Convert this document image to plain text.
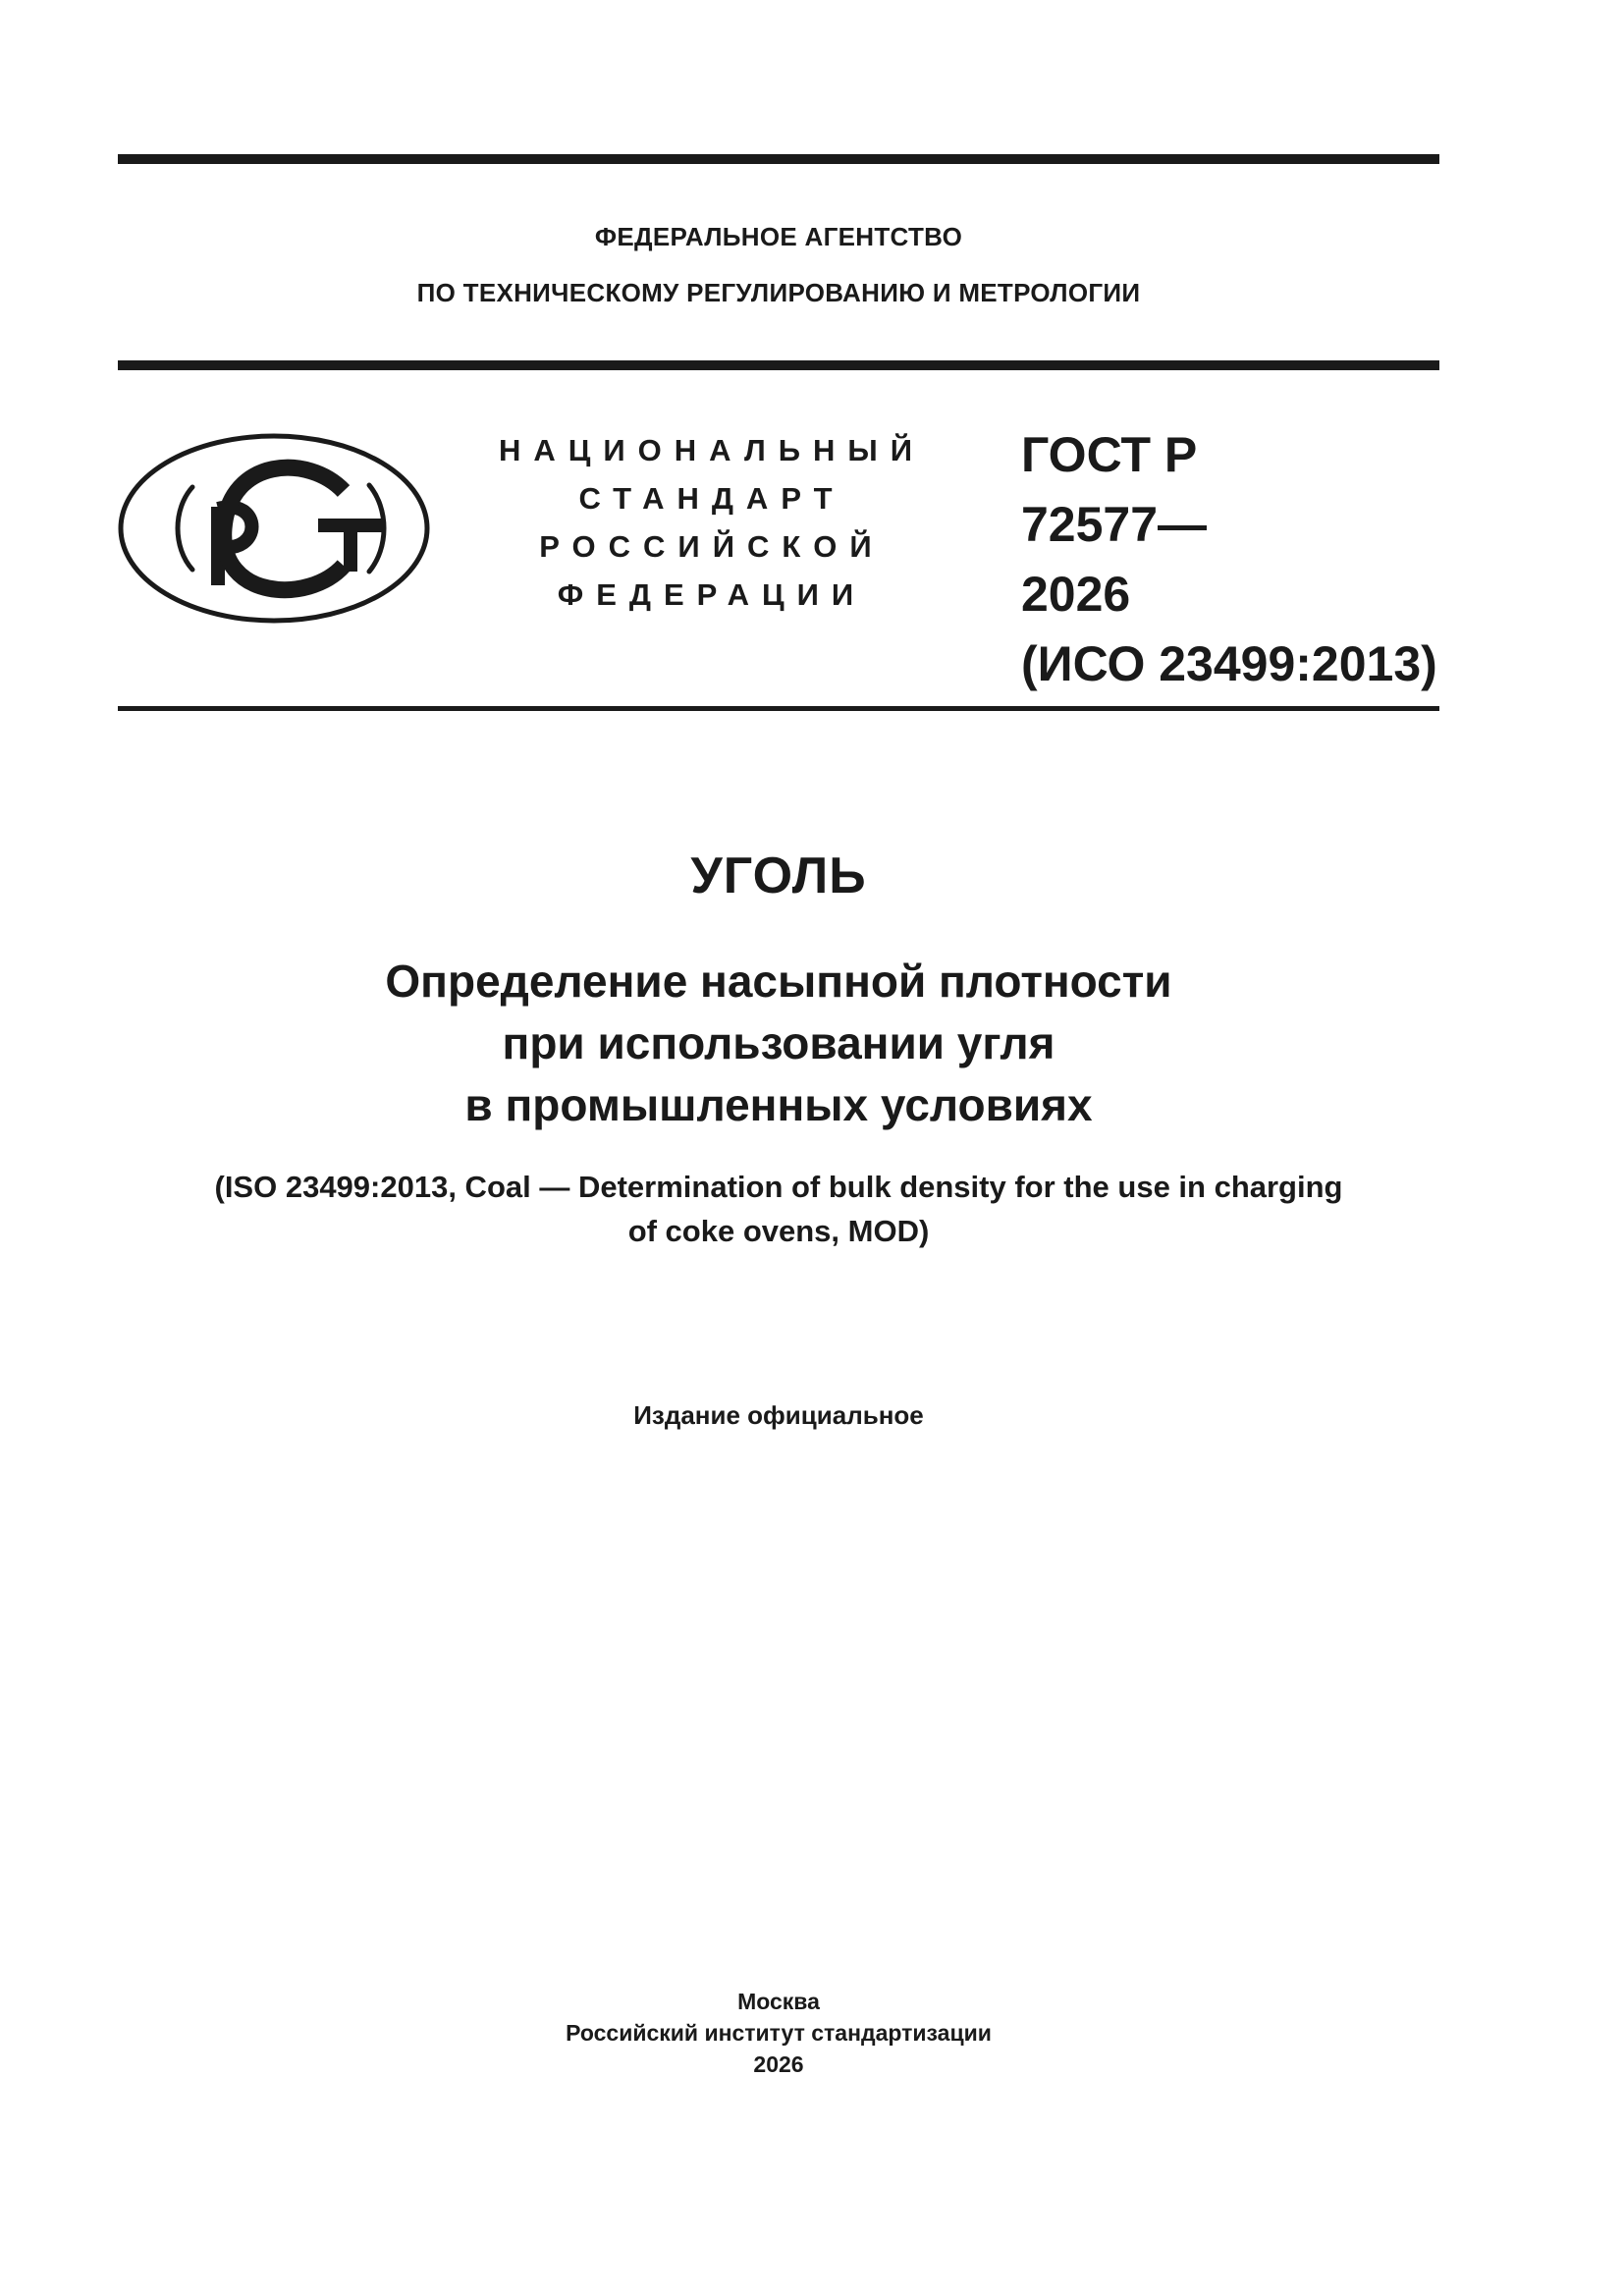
ФЕДЕРАЛЬНОЕ АГЕНТСТВО
ПО ТЕХНИЧЕСКОМУ РЕГУЛИРОВАНИЮ И МЕТРОЛОГИИ
НАЦИОНАЛЬНЫЙ
СТАНДАРТ
РОССИЙСКОЙ
ФЕДЕРАЦИИ
ГОСТ Р
72577—
2026
(ИСО 23499:2013)
УГОЛЬ
Определение насыпной плотности
при использовании угля
в промышленных условиях
(ISO 23499:2013, Coal — Determination of bulk density for the use in charging
of coke ovens, MOD)
Издание официальное
Москва
Российский институт стандартизации
2026
